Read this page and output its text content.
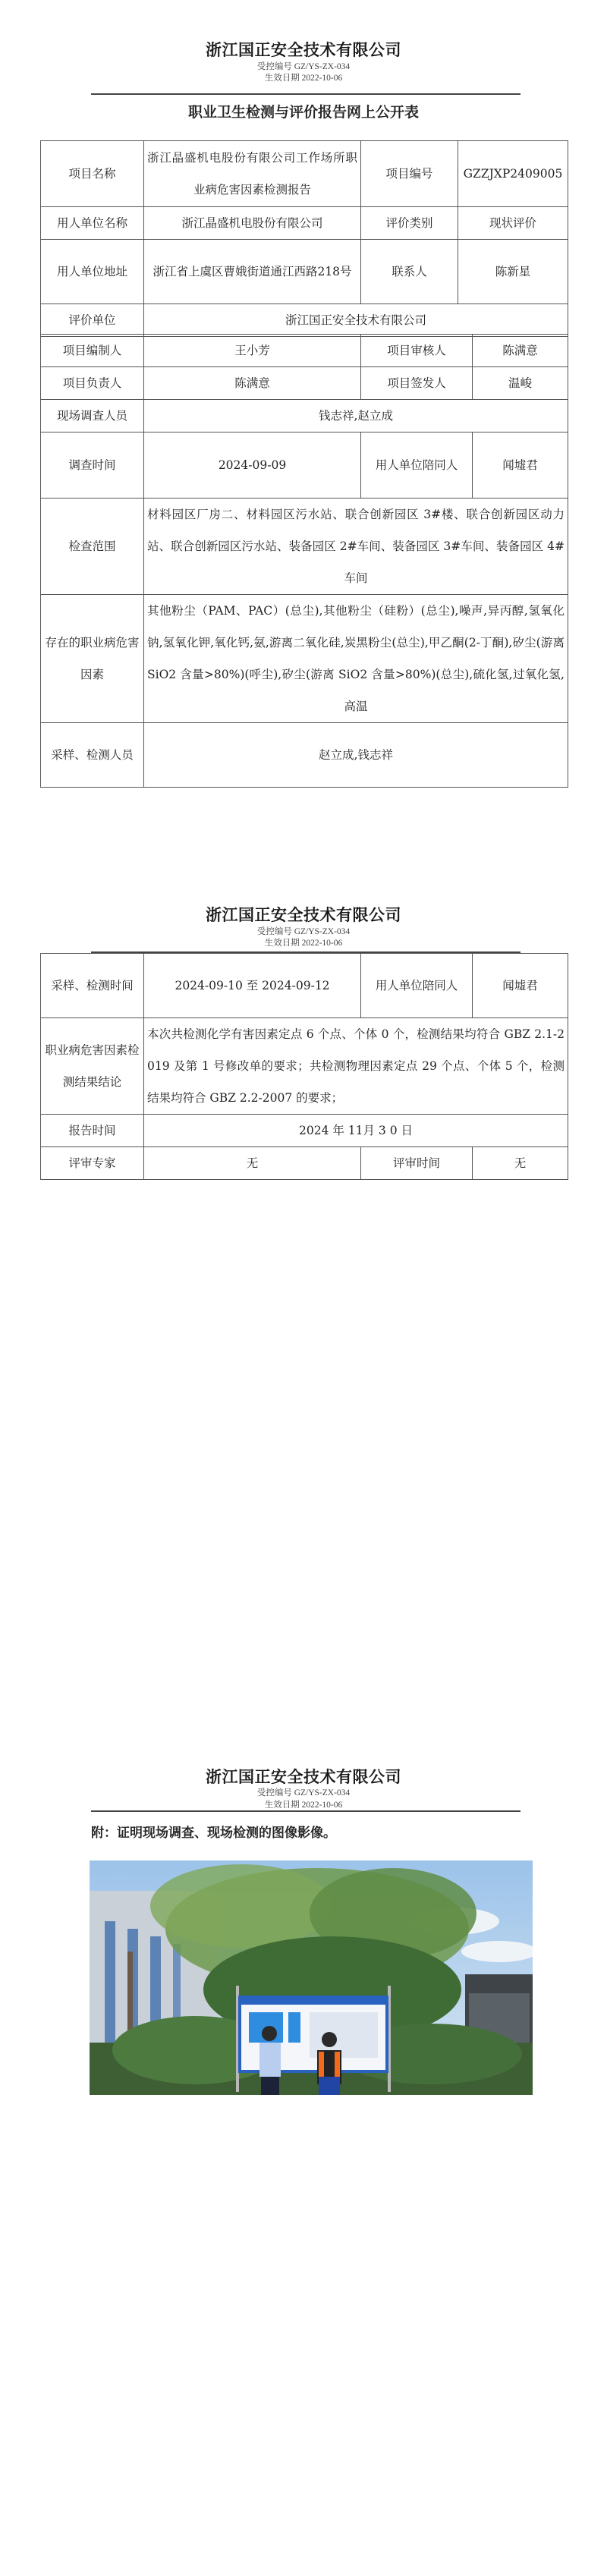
浙江国正安全技术有限公司
受控编号 GZ/YS-ZX-034
生效日期 2022-10-06
职业卫生检测与评价报告网上公开表
项目名称	浙江晶盛机电股份有限公司工作场所职业病危害因素检测报告	项目编号	GZZJXP2409005
用人单位名称	浙江晶盛机电股份有限公司	评价类别	现状评价
用人单位地址	浙江省上虞区曹娥街道通江西路218号	联系人	陈新星
评价单位	浙江国正安全技术有限公司		
项目编制人	王小芳	项目审核人	陈满意
项目负责人	陈满意	项目签发人	温峻
现场调查人员	钱志祥,赵立成		
调查时间	2024-09-09	用人单位陪同人	闻墟君
检查范围	材料园区厂房二、材料园区污水站、联合创新园区 3#楼、联合创新园区动力站、联合创新园区污水站、装备园区 2#车间、装备园区 3#车间、装备园区 4#车间		
存在的职业病危害因素	其他粉尘（PAM、PAC）(总尘),其他粉尘（硅粉）(总尘),噪声,异丙醇,氢氧化钠,氢氧化钾,氧化钙,氨,游离二氧化硅,炭黑粉尘(总尘),甲乙酮(2-丁酮),矽尘(游离 SiO2 含量>80%)(呼尘),矽尘(游离 SiO2 含量>80%)(总尘),硫化氢,过氧化氢,高温		
采样、检测人员	赵立成,钱志祥		
浙江国正安全技术有限公司
受控编号 GZ/YS-ZX-034
生效日期 2022-10-06
采样、检测时间	2024-09-10 至 2024-09-12	用人单位陪同人	闻墟君
职业病危害因素检测结果结论	本次共检测化学有害因素定点 6 个点、个体 0 个，检测结果均符合 GBZ 2.1-2019 及第 1 号修改单的要求；共检测物理因素定点 29 个点、个体 5 个，检测结果均符合 GBZ 2.2-2007 的要求；		
报告时间	2024 年 11月 3 0 日		
评审专家	无	评审时间	无
浙江国正安全技术有限公司
受控编号 GZ/YS-ZX-034
生效日期 2022-10-06
附：证明现场调查、现场检测的图像影像。
